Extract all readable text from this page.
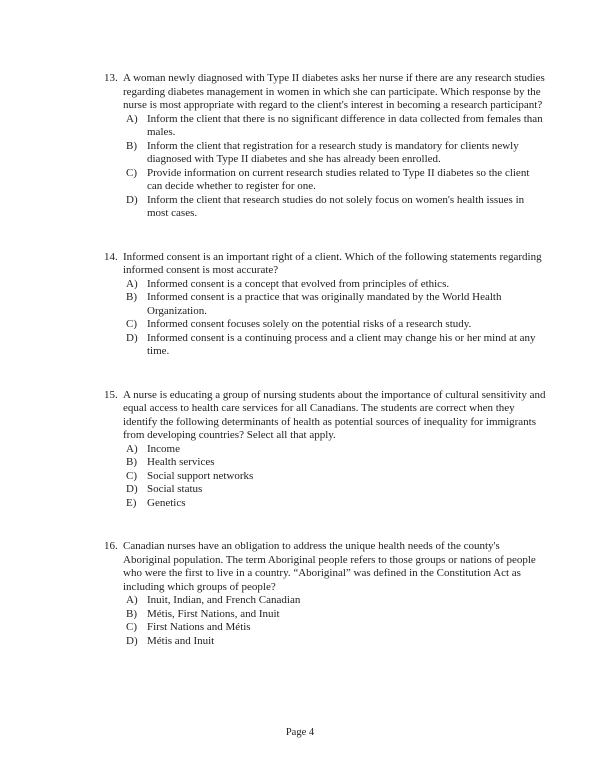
13. A woman newly diagnosed with Type II diabetes asks her nurse if there are any research studies regarding diabetes management in women in which she can participate. Which response by the nurse is most appropriate with regard to the client's interest in becoming a research participant?
A) Inform the client that there is no significant difference in data collected from females than males.
B) Inform the client that registration for a research study is mandatory for clients newly diagnosed with Type II diabetes and she has already been enrolled.
C) Provide information on current research studies related to Type II diabetes so the client can decide whether to register for one.
D) Inform the client that research studies do not solely focus on women's health issues in most cases.
14. Informed consent is an important right of a client. Which of the following statements regarding informed consent is most accurate?
A) Informed consent is a concept that evolved from principles of ethics.
B) Informed consent is a practice that was originally mandated by the World Health Organization.
C) Informed consent focuses solely on the potential risks of a research study.
D) Informed consent is a continuing process and a client may change his or her mind at any time.
15. A nurse is educating a group of nursing students about the importance of cultural sensitivity and equal access to health care services for all Canadians. The students are correct when they identify the following determinants of health as potential sources of inequality for immigrants from developing countries? Select all that apply.
A) Income
B) Health services
C) Social support networks
D) Social status
E) Genetics
16. Canadian nurses have an obligation to address the unique health needs of the county's Aboriginal population. The term Aboriginal people refers to those groups or nations of people who were the first to live in a country. “Aboriginal” was defined in the Constitution Act as including which groups of people?
A) Inuit, Indian, and French Canadian
B) Métis, First Nations, and Inuit
C) First Nations and Métis
D) Métis and Inuit
Page 4
